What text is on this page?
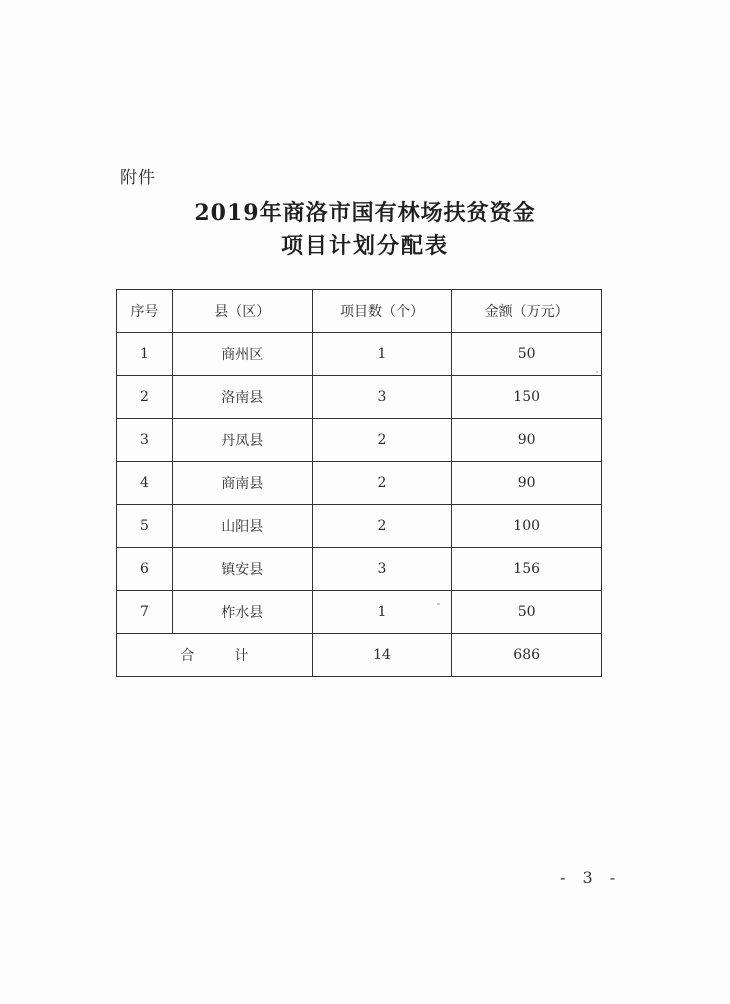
附件
2019年商洛市国有林场扶贫资金
项目计划分配表
序号	县（区）	项目数（个）	金额（万元）
1	商州区	1	50
2	洛南县	3	150
3	丹凤县	2	90
4	商南县	2	90
5	山阳县	2	100
6	镇安县	3	156
7	柞水县	1	50
合计		14	686
- 3 -
